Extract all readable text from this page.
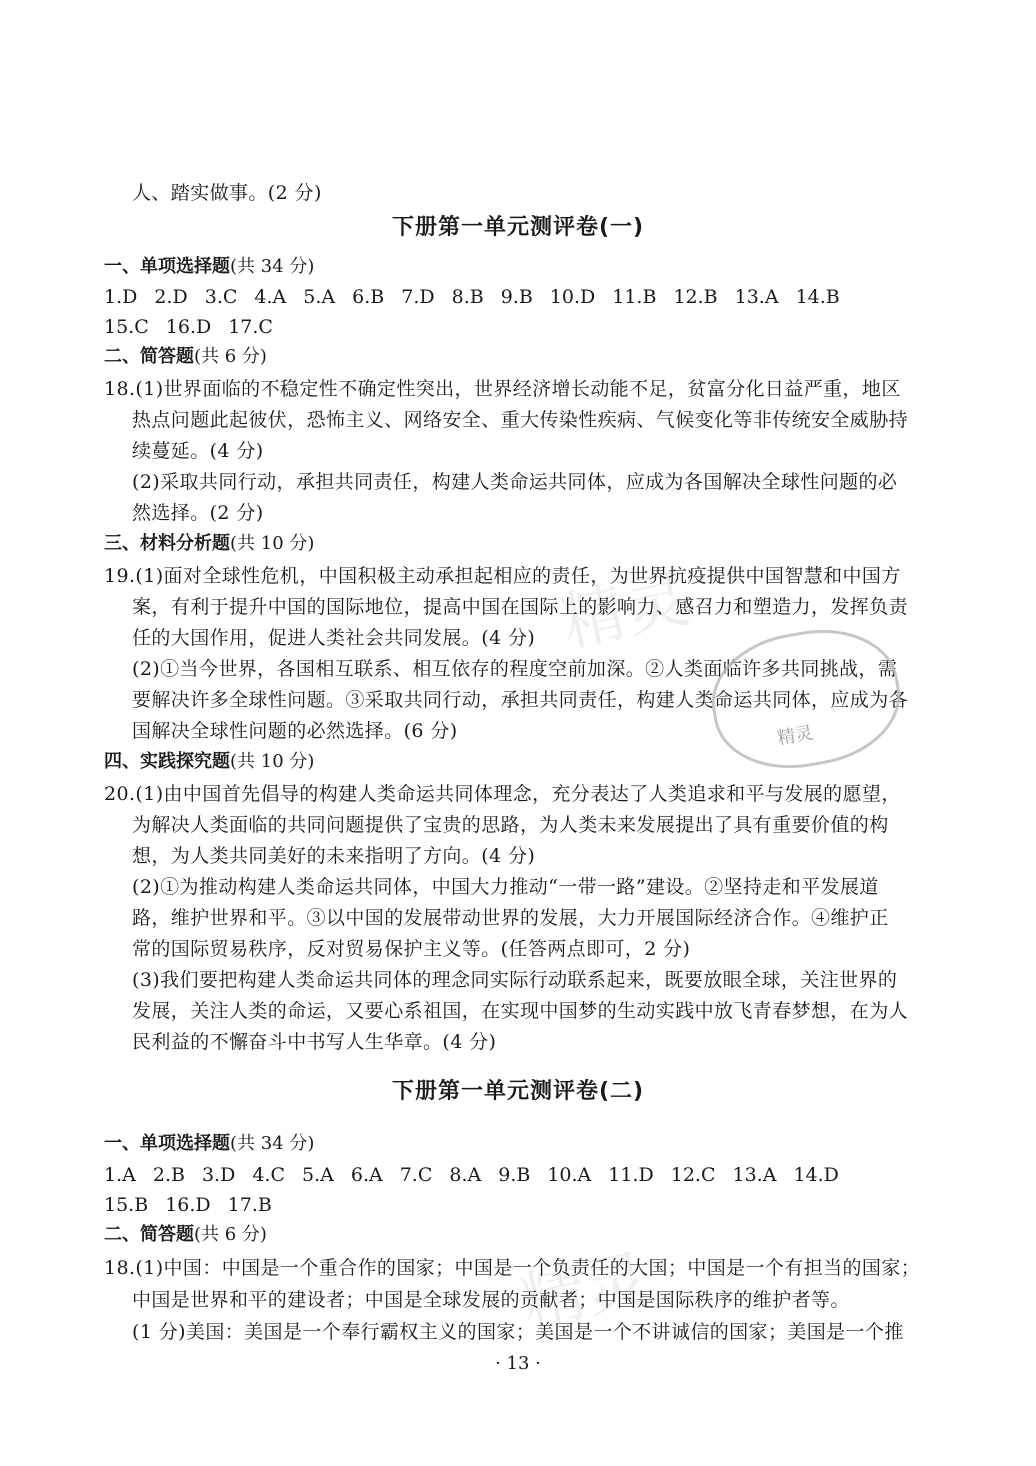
精灵
精灵
人、踏实做事。(2 分)
下册第一单元测评卷(一)
一、单项选择题(共 34 分)
1.D 2.D 3.C 4.A 5.A 6.B 7.D 8.B 9.B 10.D 11.B 12.B 13.A 14.B
15.C 16.D 17.C
二、简答题(共 6 分)
18.(1)世界面临的不稳定性不确定性突出，世界经济增长动能不足，贫富分化日益严重，地区
热点问题此起彼伏，恐怖主义、网络安全、重大传染性疾病、气候变化等非传统安全威胁持
续蔓延。(4 分)
(2)采取共同行动，承担共同责任，构建人类命运共同体，应成为各国解决全球性问题的必
然选择。(2 分)
三、材料分析题(共 10 分)
19.(1)面对全球性危机，中国积极主动承担起相应的责任，为世界抗疫提供中国智慧和中国方
案，有利于提升中国的国际地位，提高中国在国际上的影响力、感召力和塑造力，发挥负责
任的大国作用，促进人类社会共同发展。(4 分)
(2)①当今世界，各国相互联系、相互依存的程度空前加深。②人类面临许多共同挑战，需
要解决许多全球性问题。③采取共同行动，承担共同责任，构建人类命运共同体，应成为各
国解决全球性问题的必然选择。(6 分)	精灵
四、实践探究题(共 10 分)
20.(1)由中国首先倡导的构建人类命运共同体理念，充分表达了人类追求和平与发展的愿望，
为解决人类面临的共同问题提供了宝贵的思路，为人类未来发展提出了具有重要价值的构
想，为人类共同美好的未来指明了方向。(4 分)
(2)①为推动构建人类命运共同体，中国大力推动“一带一路”建设。②坚持走和平发展道
路，维护世界和平。③以中国的发展带动世界的发展，大力开展国际经济合作。④维护正
常的国际贸易秩序，反对贸易保护主义等。(任答两点即可，2 分)
(3)我们要把构建人类命运共同体的理念同实际行动联系起来，既要放眼全球，关注世界的
发展，关注人类的命运，又要心系祖国，在实现中国梦的生动实践中放飞青春梦想，在为人
民利益的不懈奋斗中书写人生华章。(4 分)
下册第一单元测评卷(二)
一、单项选择题(共 34 分)
1.A 2.B 3.D 4.C 5.A 6.A 7.C 8.A 9.B 10.A 11.D 12.C 13.A 14.D
15.B 16.D 17.B
二、简答题(共 6 分)
18.(1)中国：中国是一个重合作的国家；中国是一个负责任的大国；中国是一个有担当的国家；
中国是世界和平的建设者；中国是全球发展的贡献者；中国是国际秩序的维护者等。
(1 分)美国：美国是一个奉行霸权主义的国家；美国是一个不讲诚信的国家；美国是一个推
· 13 ·
